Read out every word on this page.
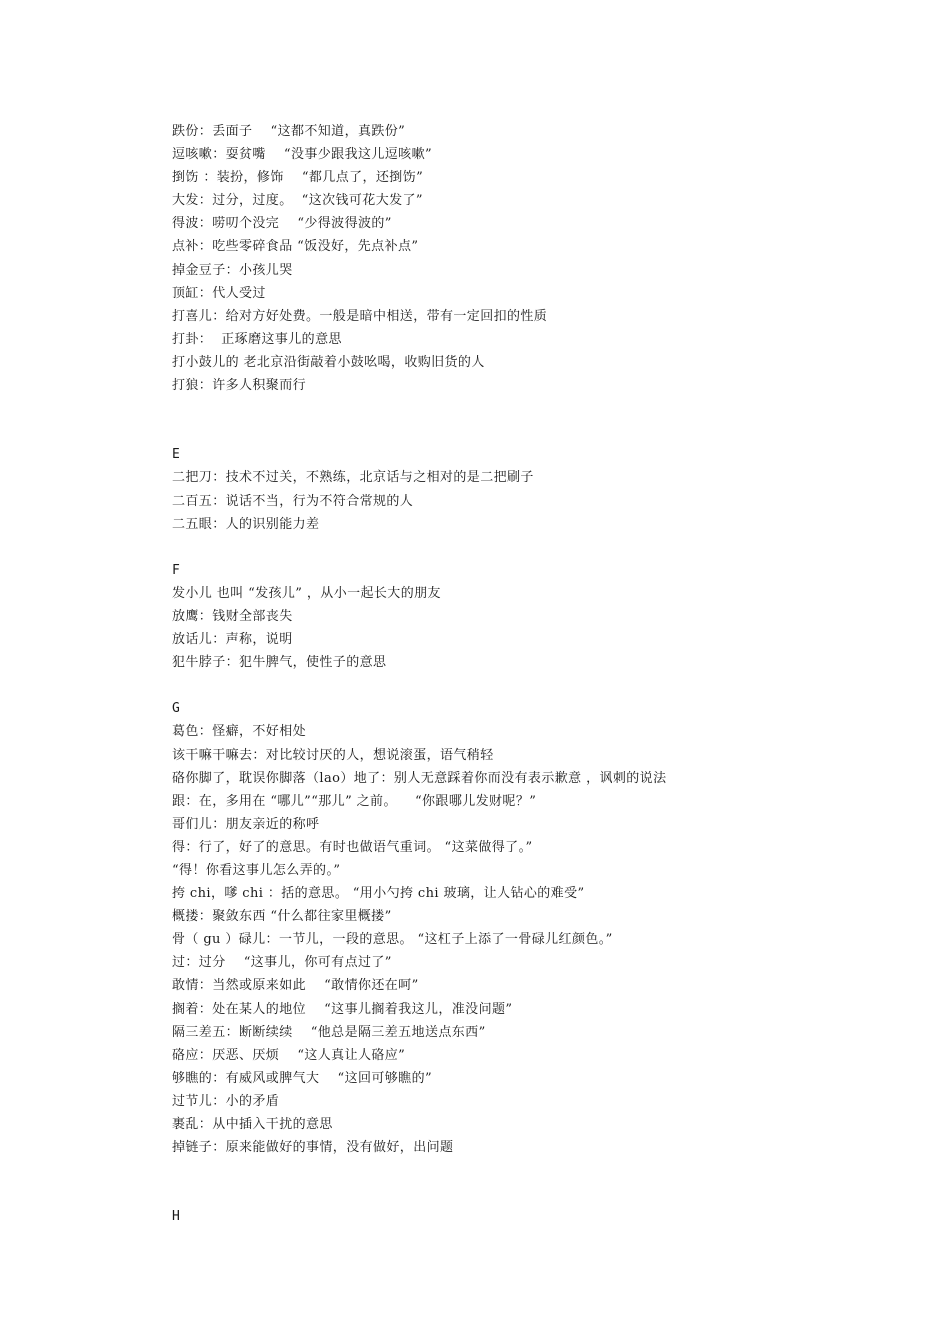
跌份：丢面子    “这都不知道，真跌份”
逗咳嗽：耍贫嘴    “没事少跟我这儿逗咳嗽”
捯饬 ：装扮，修饰    “都几点了，还捯饬”
大发：过分，过度。  “这次钱可花大发了”
得波：唠叨个没完    “少得波得波的”
点补：吃些零碎食品 “饭没好，先点补点”
掉金豆子：小孩儿哭
顶缸：代人受过
打喜儿：给对方好处费。一般是暗中相送，带有一定回扣的性质
打卦：  正琢磨这事儿的意思
打小鼓儿的 老北京沿街敲着小鼓吆喝，收购旧货的人
打狼：许多人积聚而行
E
二把刀：技术不过关，不熟练，北京话与之相对的是二把刷子
二百五：说话不当，行为不符合常规的人
二五眼：人的识别能力差
F
发小儿 也叫 “发孩儿” ，从小一起长大的朋友
放鹰：钱财全部丧失
放话儿：声称，说明
犯牛脖子：犯牛脾气，使性子的意思
G
葛色：怪癖，不好相处
该干嘛干嘛去：对比较讨厌的人，想说滚蛋，语气稍轻
硌你脚了，耽误你脚落（lao）地了：别人无意踩着你而没有表示歉意 ，讽刺的说法
跟：在，多用在 “哪儿”“那儿” 之前。    “你跟哪儿发财呢？”
哥们儿：朋友亲近的称呼
得：行了，好了的意思。有时也做语气重词。 “这菜做得了。”
“得！你看这事儿怎么弄的。”
挎 chi，嗲 chi ：括的意思。 “用小勺挎 chi 玻璃，让人钻心的难受”
概搂：聚敛东西 “什么都往家里概搂”
骨（ gu ）碌儿：一节儿，一段的意思。 “这杠子上添了一骨碌儿红颜色。”
过：过分    “这事儿，你可有点过了”
敢情：当然或原来如此    “敢情你还在呵”
搁着：处在某人的地位    “这事儿搁着我这儿，准没问题”
隔三差五：断断续续    “他总是隔三差五地送点东西”
硌应：厌恶、厌烦    “这人真让人硌应”
够瞧的：有威风或脾气大    “这回可够瞧的”
过节儿：小的矛盾
裹乱：从中插入干扰的意思
掉链子：原来能做好的事情，没有做好，出问题
H
